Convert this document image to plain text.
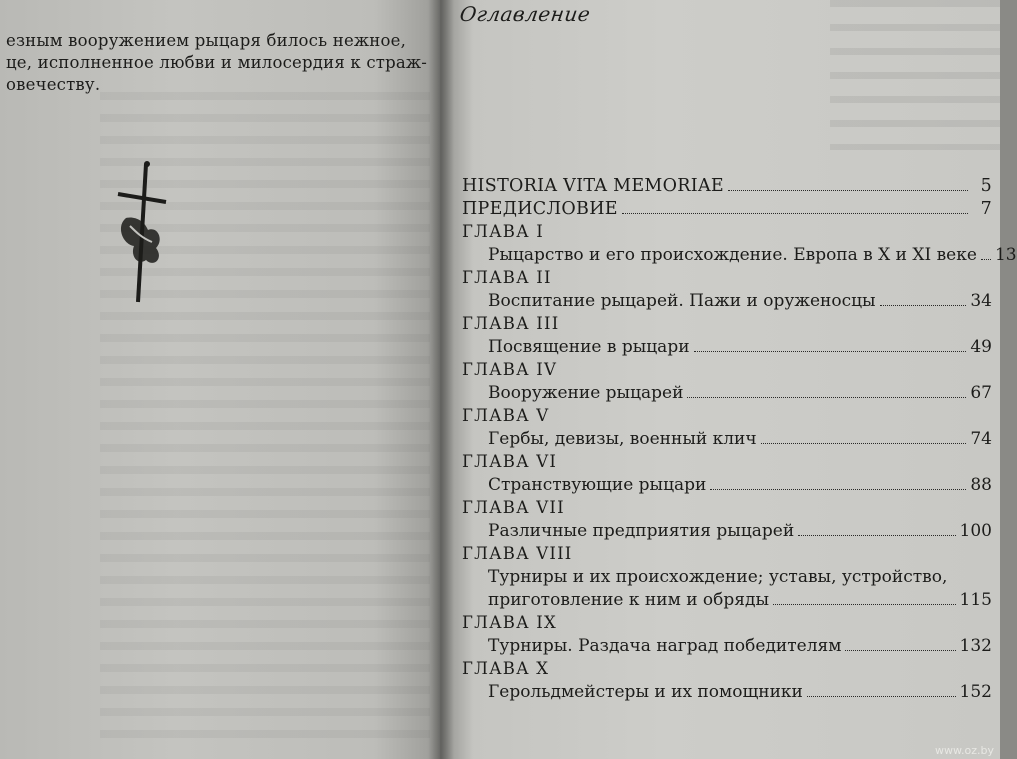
езным вооружением рыцаря билось нежное,
це, исполненное любви и милосердия к страж-
овечеству.
Оглавление
HISTORIA VITA MEMORIAE	5
ПРЕДИСЛОВИЕ	7
ГЛАВА I
Рыцарство и его происхождение. Европа в X и XI веке 13
ГЛАВА II
Воспитание рыцарей. Пажи и оруженосцы	34
ГЛАВА III
Посвящение в рыцари	49
ГЛАВА IV
Вооружение рыцарей	67
ГЛАВА V
Гербы, девизы, военный клич	74
ГЛАВА VI
Странствующие рыцари	88
ГЛАВА VII
Различные предприятия рыцарей	100
ГЛАВА VIII
Турниры и их происхождение; уставы, устройство,
приготовление к ним и обряды	115
ГЛАВА IX
Турниры. Раздача наград победителям	132
ГЛАВА X
Герольдмейстеры и их помощники	152
www.oz.by
